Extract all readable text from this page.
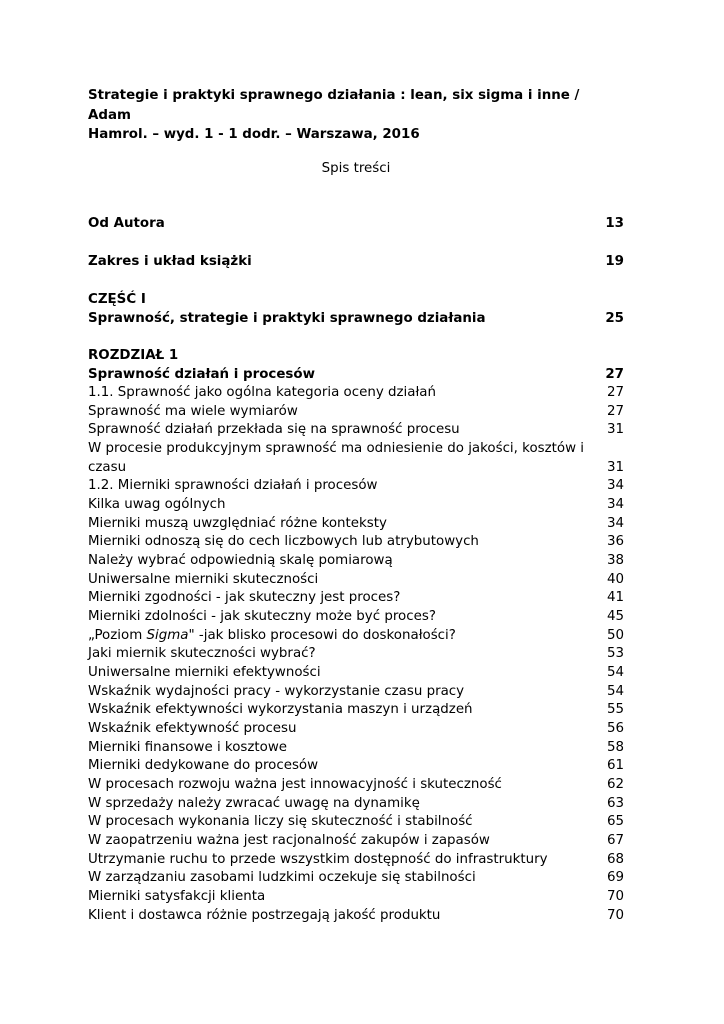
Strategie i praktyki sprawnego działania : lean, six sigma i inne / Adam
Hamrol. – wyd. 1 - 1 dodr. – Warszawa, 2016
Spis treści
Od Autora	13
Zakres i układ książki	19
CZĘŚĆ I
Sprawność, strategie i praktyki sprawnego działania	25
ROZDZIAŁ 1
Sprawność działań i procesów	27
1.1. Sprawność jako ogólna kategoria oceny działań	27
Sprawność ma wiele wymiarów	27
Sprawność działań przekłada się na sprawność procesu	31
W procesie produkcyjnym sprawność ma odniesienie do jakości, kosztów i czasu	31
1.2. Mierniki sprawności działań i procesów	34
Kilka uwag ogólnych	34
Mierniki muszą uwzględniać różne konteksty	34
Mierniki odnoszą się do cech liczbowych lub atrybutowych	36
Należy wybrać odpowiednią skalę pomiarową	38
Uniwersalne mierniki skuteczności	40
Mierniki zgodności - jak skuteczny jest proces?	41
Mierniki zdolności - jak skuteczny może być proces?	45
„Poziom Sigma" -jak blisko procesowi do doskonałości?	50
Jaki miernik skuteczności wybrać?	53
Uniwersalne mierniki efektywności	54
Wskaźnik wydajności pracy - wykorzystanie czasu pracy	54
Wskaźnik efektywności wykorzystania maszyn i urządzeń	55
Wskaźnik efektywność procesu	56
Mierniki finansowe i kosztowe	58
Mierniki dedykowane do procesów	61
W procesach rozwoju ważna jest innowacyjność i skuteczność	62
W sprzedaży należy zwracać uwagę na dynamikę	63
W procesach wykonania liczy się skuteczność i stabilność	65
W zaopatrzeniu ważna jest racjonalność zakupów i zapasów	67
Utrzymanie ruchu to przede wszystkim dostępność do infrastruktury	68
W zarządzaniu zasobami ludzkimi oczekuje się stabilności	69
Mierniki satysfakcji klienta	70
Klient i dostawca różnie postrzegają jakość produktu	70
